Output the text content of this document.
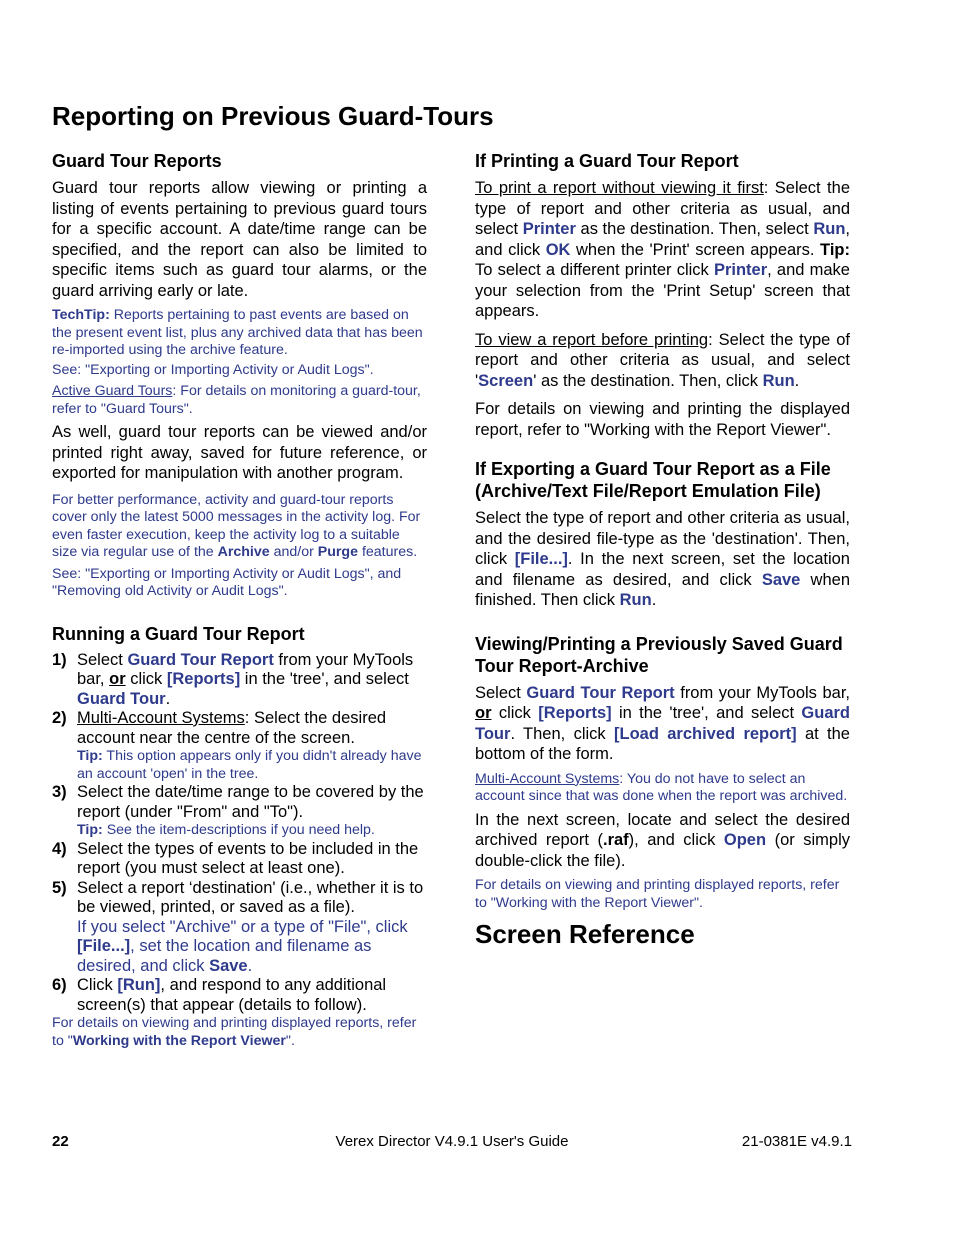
Reporting on Previous Guard-Tours
Guard Tour Reports

Guard tour reports allow viewing or printing a listing of events pertaining to previous guard tours for a specific account. A date/time range can be specified, and the report can also be limited to specific items such as guard tour alarms, or the guard arriving early or late.

TechTip: Reports pertaining to past events are based on the present event list, plus any archived data that has been re-imported using the archive feature.
See: "Exporting or Importing Activity or Audit Logs".
Active Guard Tours: For details on monitoring a guard-tour, refer to "Guard Tours".

As well, guard tour reports can be viewed and/or printed right away, saved for future reference, or exported for manipulation with another program.

For better performance, activity and guard-tour reports cover only the latest 5000 messages in the activity log. For even faster execution, keep the activity log to a suitable size via regular use of the Archive and/or Purge features.
See: "Exporting or Importing Activity or Audit Logs", and "Removing old Activity or Audit Logs".
Running a Guard Tour Report
1) Select Guard Tour Report from your MyTools bar, or click [Reports] in the 'tree', and select Guard Tour.
2) Multi-Account Systems: Select the desired account near the centre of the screen.
Tip: This option appears only if you didn't already have an account 'open' in the tree.
3) Select the date/time range to be covered by the report (under "From" and "To").
Tip: See the item-descriptions if you need help.
4) Select the types of events to be included in the report (you must select at least one).
5) Select a report ‘destination' (i.e., whether it is to be viewed, printed, or saved as a file).
If you select "Archive" or a type of "File", click [File...], set the location and filename as desired, and click Save.
6) Click [Run], and respond to any additional screen(s) that appear (details to follow).
For details on viewing and printing displayed reports, refer to "Working with the Report Viewer".
If Printing a Guard Tour Report

To print a report without viewing it first: Select the type of report and other criteria as usual, and select Printer as the destination. Then, select Run, and click OK when the 'Print' screen appears. Tip: To select a different printer click Printer, and make your selection from the 'Print Setup' screen that appears.

To view a report before printing: Select the type of report and other criteria as usual, and select 'Screen' as the destination. Then, click Run.

For details on viewing and printing the displayed report, refer to "Working with the Report Viewer".

If Exporting a Guard Tour Report as a File (Archive/Text File/Report Emulation File)

Select the type of report and other criteria as usual, and the desired file-type as the 'destination'. Then, click [File...]. In the next screen, set the location and filename as desired, and click Save when finished. Then click Run.

Viewing/Printing a Previously Saved Guard Tour Report-Archive

Select Guard Tour Report from your MyTools bar, or click [Reports] in the 'tree', and select Guard Tour. Then, click [Load archived report] at the bottom of the form.

Multi-Account Systems: You do not have to select an account since that was done when the report was archived.

In the next screen, locate and select the desired archived report (.raf), and click Open (or simply double-click the file).

For details on viewing and printing displayed reports, refer to "Working with the Report Viewer".
Screen Reference
22	Verex Director V4.9.1 User's Guide	21-0381E v4.9.1
